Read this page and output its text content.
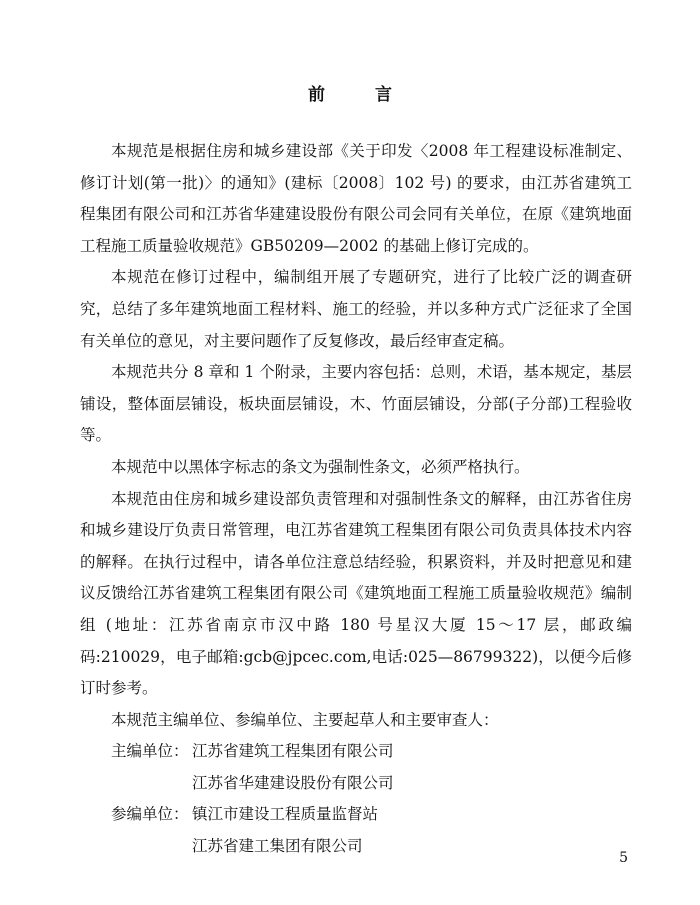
前 言

本规范是根据住房和城乡建设部《关于印发〈2008 年工程建设标准制定、修订计划(第一批)〉的通知》(建标〔2008〕102 号) 的要求，由江苏省建筑工程集团有限公司和江苏省华建建设股份有限公司会同有关单位，在原《建筑地面工程施工质量验收规范》GB50209—2002 的基础上修订完成的。

本规范在修订过程中，编制组开展了专题研究，进行了比较广泛的调查研究，总结了多年建筑地面工程材料、施工的经验，并以多种方式广泛征求了全国有关单位的意见，对主要问题作了反复修改，最后经审查定稿。

本规范共分 8 章和 1 个附录，主要内容包括：总则，术语，基本规定，基层铺设，整体面层铺设，板块面层铺设，木、竹面层铺设，分部(子分部)工程验收等。

本规范中以黑体字标志的条文为强制性条文，必须严格执行。

本规范由住房和城乡建设部负责管理和对强制性条文的解释，由江苏省住房和城乡建设厅负责日常管理，电江苏省建筑工程集团有限公司负责具体技术内容的解释。在执行过程中，请各单位注意总结经验，积累资料，并及时把意见和建议反馈给江苏省建筑工程集团有限公司《建筑地面工程施工质量验收规范》编制组 (地址：江苏省南京市汉中路 180 号星汉大厦 15～17 层，邮政编码:210029，电子邮箱:gcb@jpcec.com,电话:025—86799322)，以便今后修订时参考。

本规范主编单位、参编单位、主要起草人和主要审查人：

主编单位： 江苏省建筑工程集团有限公司

江苏省华建建设股份有限公司

参编单位： 镇江市建设工程质量监督站

江苏省建工集团有限公司

5
